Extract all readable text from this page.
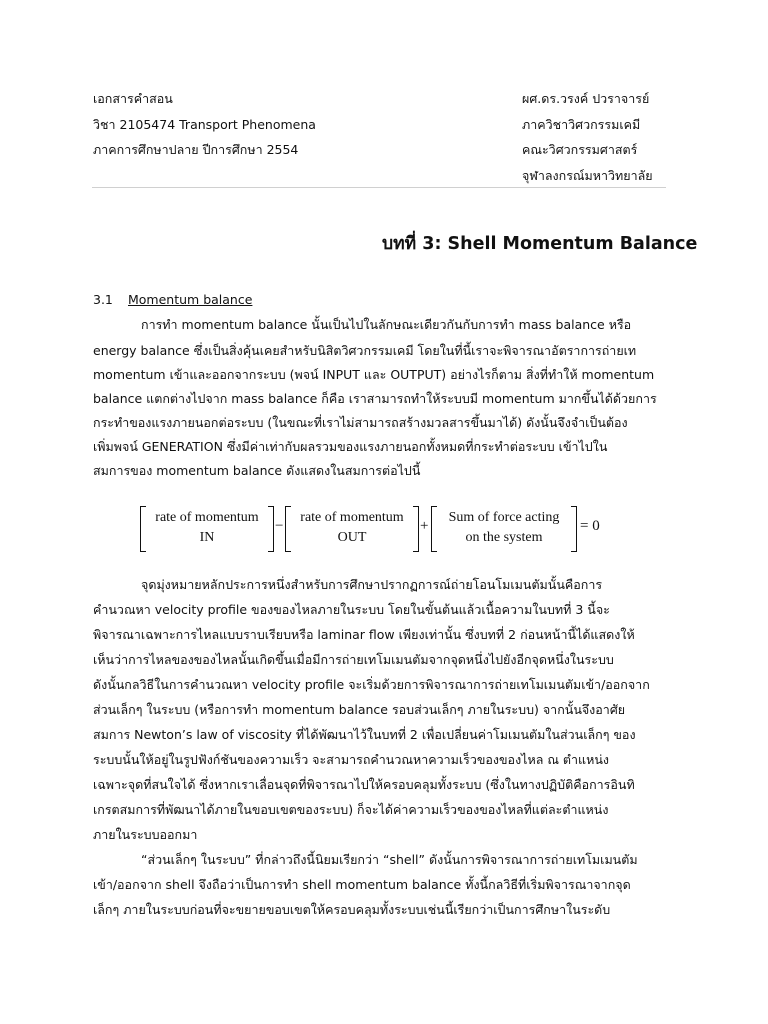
เอกสารคำสอน
วิชา 2105474 Transport Phenomena
ภาคการศึกษาปลาย ปีการศึกษา 2554
ผศ.ดร.วรงค์ ปวราจารย์
ภาควิชาวิศวกรรมเคมี
คณะวิศวกรรมศาสตร์
จุฬาลงกรณ์มหาวิทยาลัย
บทที่ 3: Shell Momentum Balance
3.1 Momentum balance
การทำ momentum balance นั้นเป็นไปในลักษณะเดียวกันกับการทำ mass balance หรือ
energy balance ซึ่งเป็นสิ่งคุ้นเคยสำหรับนิสิตวิศวกรรมเคมี โดยในที่นี้เราจะพิจารณาอัตราการถ่ายเท
momentum เข้าและออกจากระบบ (พจน์ INPUT และ OUTPUT) อย่างไรก็ตาม สิ่งที่ทำให้ momentum
balance แตกต่างไปจาก mass balance ก็คือ เราสามารถทำให้ระบบมี momentum มากขึ้นได้ด้วยการ
กระทำของแรงภายนอกต่อระบบ (ในขณะที่เราไม่สามารถสร้างมวลสารขึ้นมาได้) ดังนั้นจึงจำเป็นต้อง
เพิ่มพจน์ GENERATION ซึ่งมีค่าเท่ากับผลรวมของแรงภายนอกทั้งหมดที่กระทำต่อระบบ เข้าไปใน
สมการของ momentum balance ดังแสดงในสมการต่อไปนี้
rate of momentum
IN
−
rate of momentum
OUT
+
Sum of force acting
on the system
= 0
จุดมุ่งหมายหลักประการหนึ่งสำหรับการศึกษาปรากฏการณ์ถ่ายโอนโมเมนตัมนั้นคือการ
คำนวณหา velocity profile ของของไหลภายในระบบ โดยในขั้นต้นแล้วเนื้อความในบทที่ 3 นี้จะ
พิจารณาเฉพาะการไหลแบบราบเรียบหรือ laminar flow เพียงเท่านั้น ซึ่งบทที่ 2 ก่อนหน้านี้ได้แสดงให้
เห็นว่าการไหลของของไหลนั้นเกิดขึ้นเมื่อมีการถ่ายเทโมเมนตัมจากจุดหนึ่งไปยังอีกจุดหนึ่งในระบบ
ดังนั้นกลวิธีในการคำนวณหา velocity profile จะเริ่มด้วยการพิจารณาการถ่ายเทโมเมนตัมเข้า/ออกจาก
ส่วนเล็กๆ ในระบบ (หรือการทำ momentum balance รอบส่วนเล็กๆ ภายในระบบ) จากนั้นจึงอาศัย
สมการ Newton’s law of viscosity ที่ได้พัฒนาไว้ในบทที่ 2 เพื่อเปลี่ยนค่าโมเมนตัมในส่วนเล็กๆ ของ
ระบบนั้นให้อยู่ในรูปฟังก์ชันของความเร็ว จะสามารถคำนวณหาความเร็วของของไหล ณ ตำแหน่ง
เฉพาะจุดที่สนใจได้ ซึ่งหากเราเลื่อนจุดที่พิจารณาไปให้ครอบคลุมทั้งระบบ (ซึ่งในทางปฏิบัติคือการอินทิ
เกรตสมการที่พัฒนาได้ภายในขอบเขตของระบบ) ก็จะได้ค่าความเร็วของของไหลที่แต่ละตำแหน่ง
ภายในระบบออกมา
“ส่วนเล็กๆ ในระบบ” ที่กล่าวถึงนี้นิยมเรียกว่า “shell” ดังนั้นการพิจารณาการถ่ายเทโมเมนตัม
เข้า/ออกจาก shell จึงถือว่าเป็นการทำ shell momentum balance ทั้งนี้กลวิธีที่เริ่มพิจารณาจากจุด
เล็กๆ ภายในระบบก่อนที่จะขยายขอบเขตให้ครอบคลุมทั้งระบบเช่นนี้เรียกว่าเป็นการศึกษาในระดับ
